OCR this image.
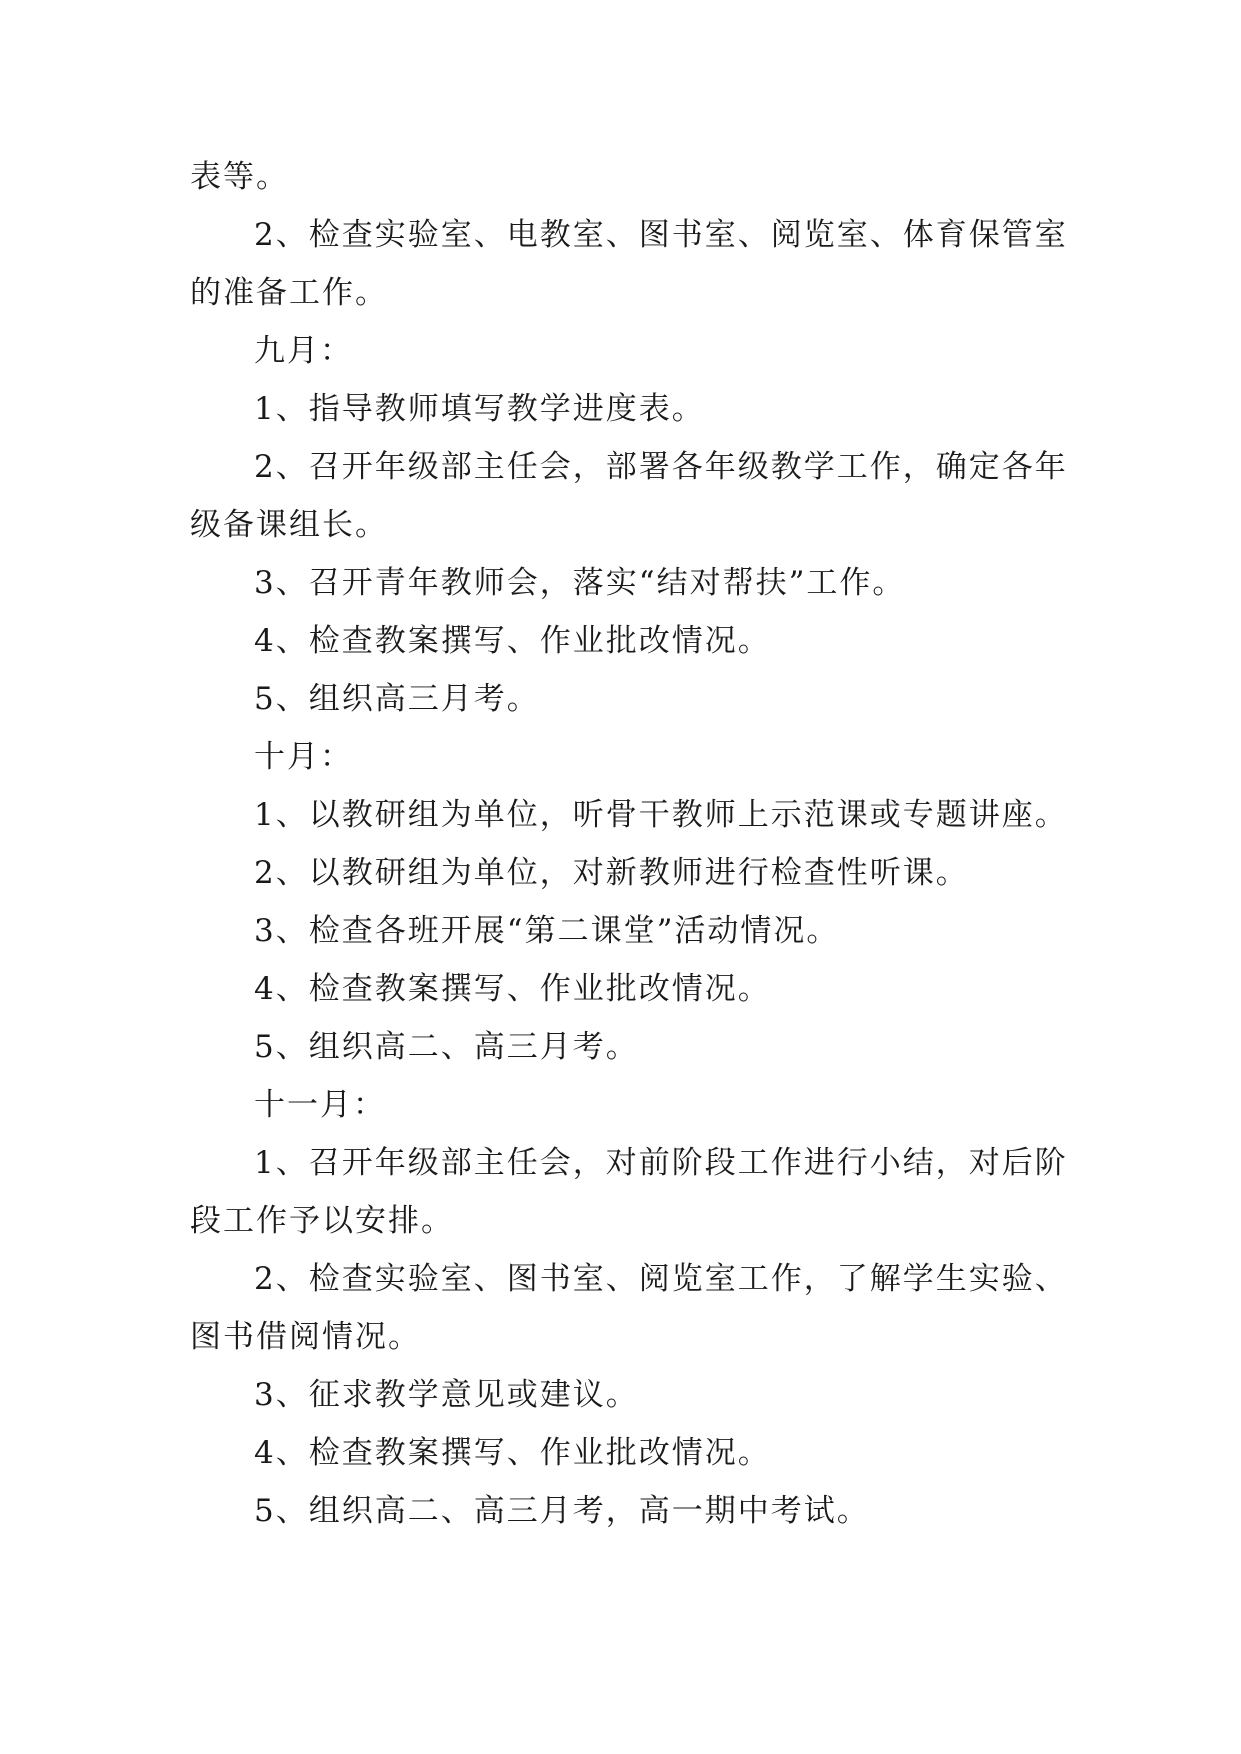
表等。

2、检查实验室、电教室、图书室、阅览室、体育保管室的准备工作。

九月：

1、指导教师填写教学进度表。

2、召开年级部主任会，部署各年级教学工作，确定各年级备课组长。

3、召开青年教师会，落实“结对帮扶”工作。

4、检查教案撰写、作业批改情况。

5、组织高三月考。

十月：

1、以教研组为单位，听骨干教师上示范课或专题讲座。

2、以教研组为单位，对新教师进行检查性听课。

3、检查各班开展“第二课堂”活动情况。

4、检查教案撰写、作业批改情况。

5、组织高二、高三月考。

十一月：

1、召开年级部主任会，对前阶段工作进行小结，对后阶段工作予以安排。

2、检查实验室、图书室、阅览室工作，了解学生实验、图书借阅情况。

3、征求教学意见或建议。

4、检查教案撰写、作业批改情况。

5、组织高二、高三月考，高一期中考试。
